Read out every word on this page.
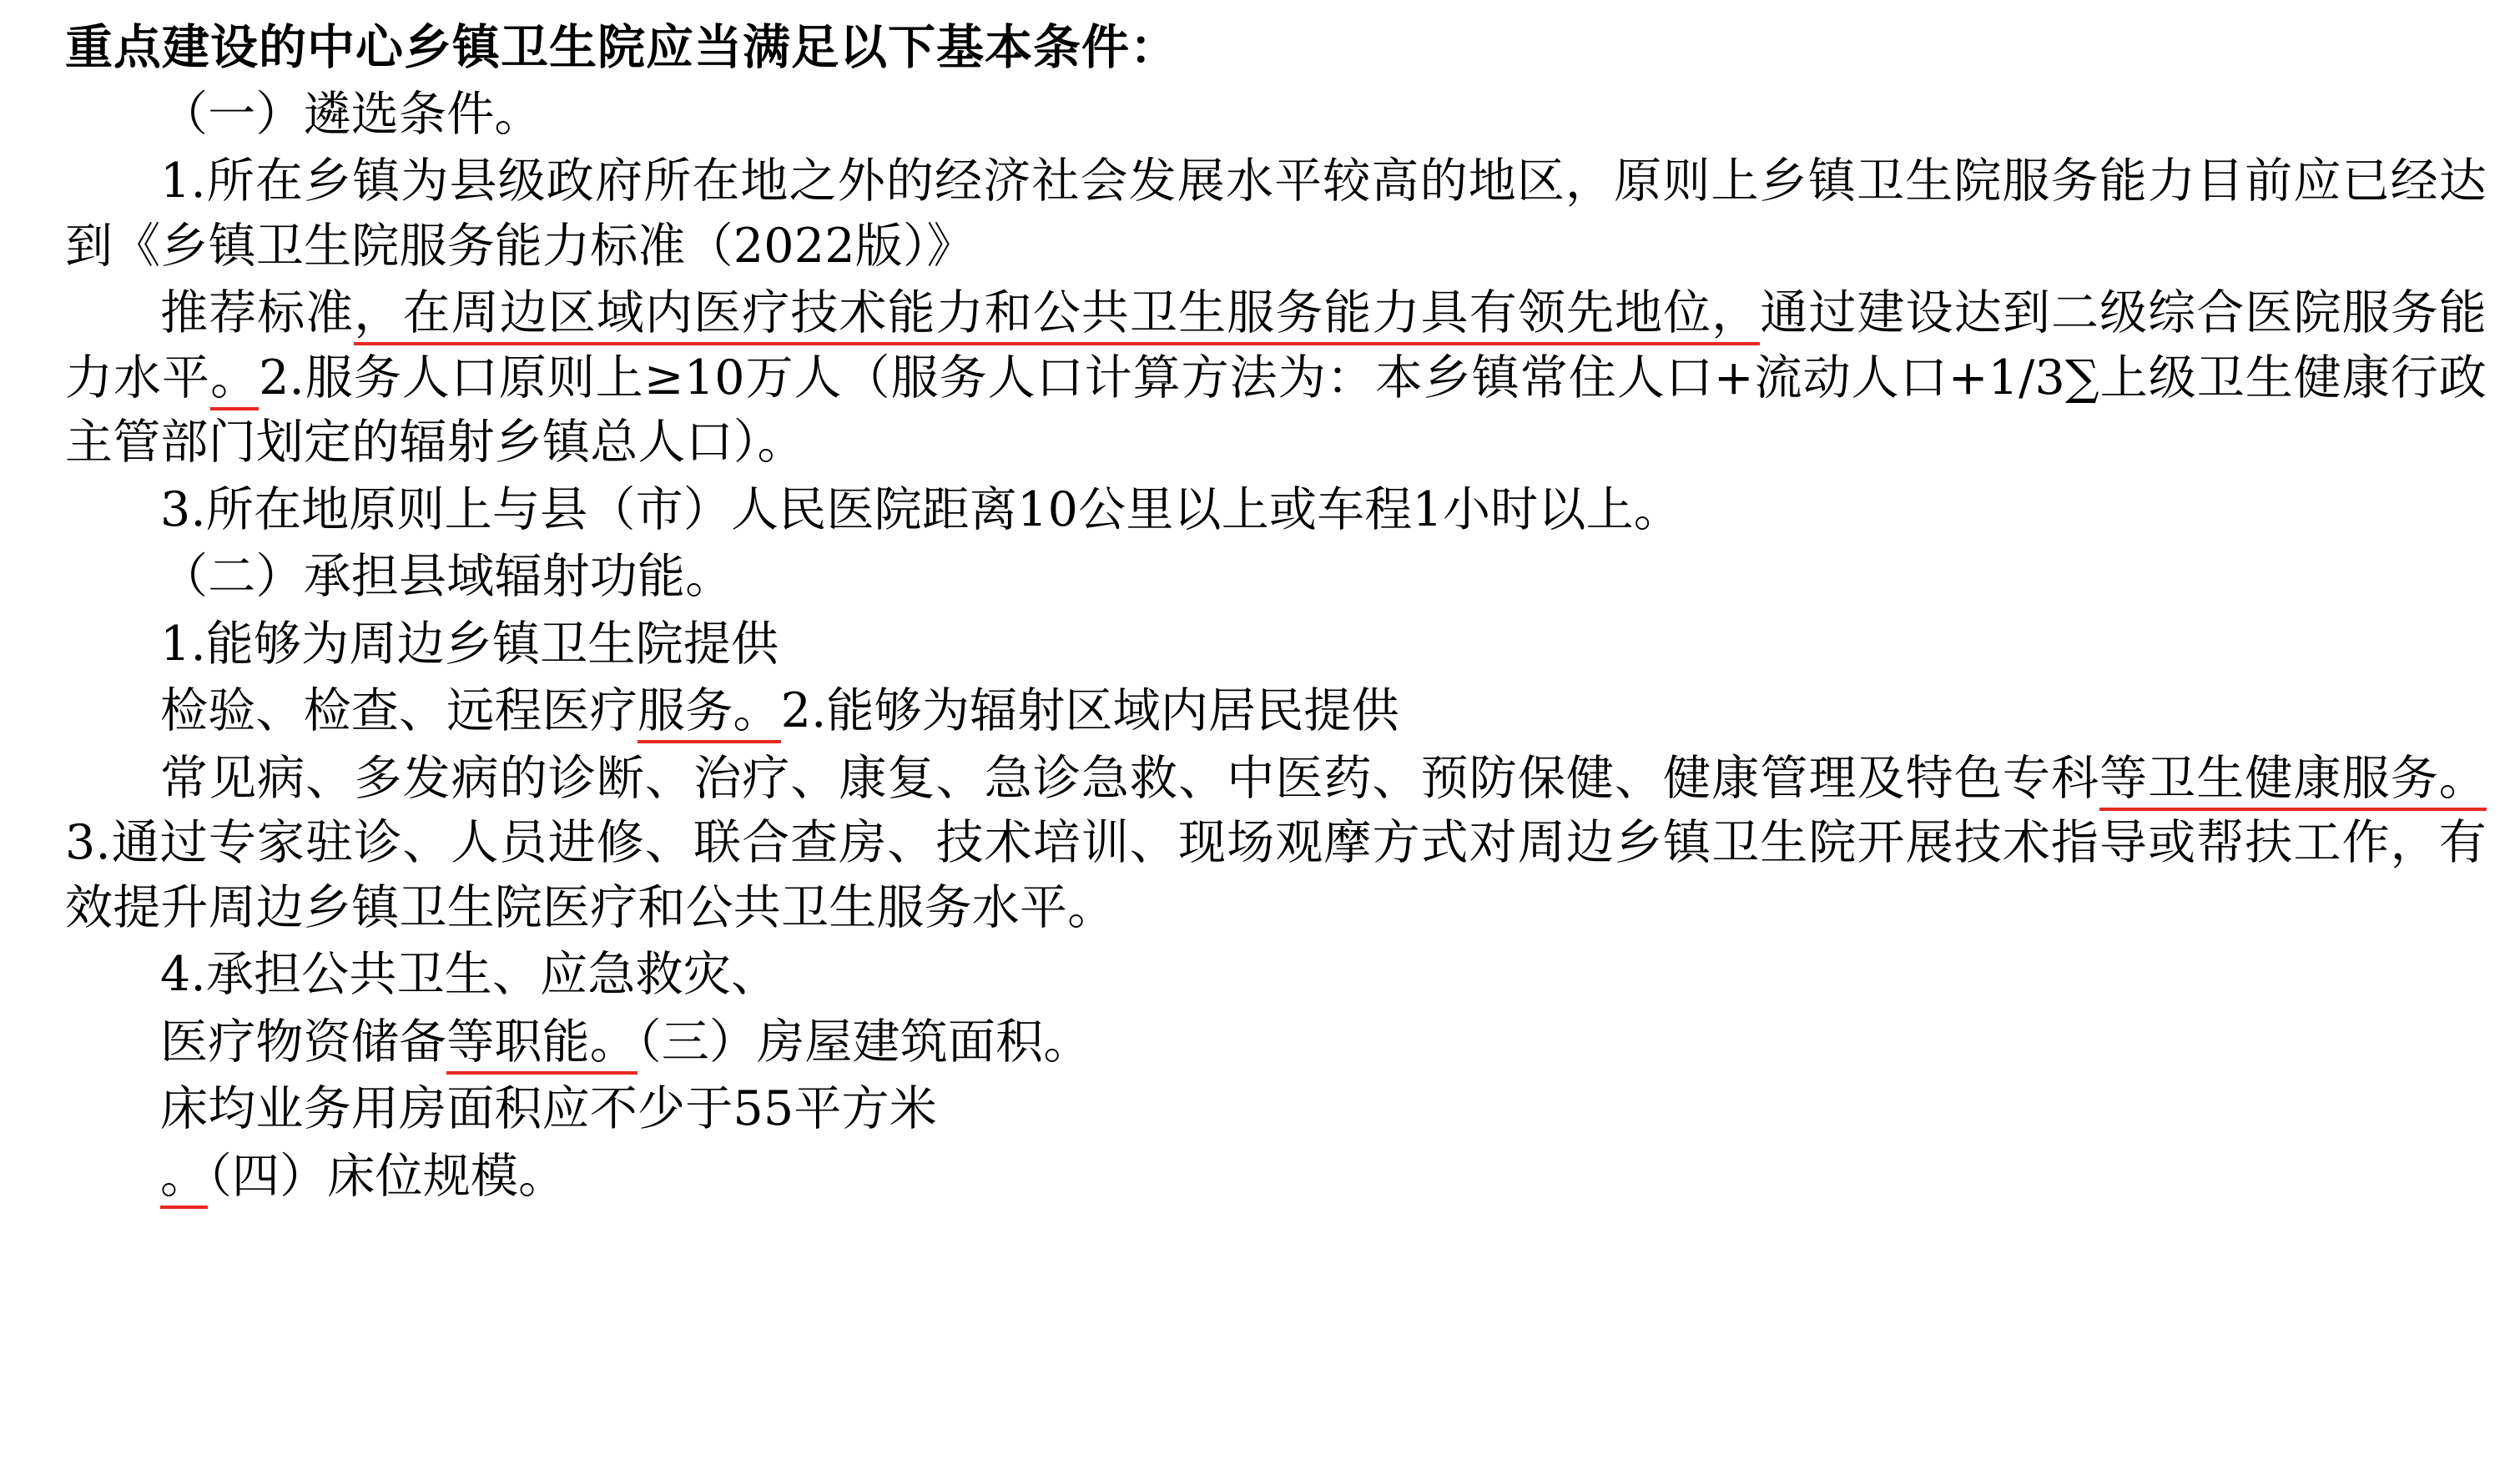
重点建设的中心乡镇卫生院应当满足以下基本条件：

（一）遴选条件。

1.所在乡镇为县级政府所在地之外的经济社会发展水平较高的地区，原则上乡镇卫生院服务能力目前应已经达到《乡镇卫生院服务能力标准（2022版）》

推荐标准，在周边区域内医疗技术能力和公共卫生服务能力具有领先地位，通过建设达到二级综合医院服务能力水平。2.服务人口原则上≥10万人（服务人口计算方法为：本乡镇常住人口+流动人口+1/3∑上级卫生健康行政主管部门划定的辐射乡镇总人口）。

3.所在地原则上与县（市）人民医院距离10公里以上或车程1小时以上。

（二）承担县域辐射功能。

1.能够为周边乡镇卫生院提供

检验、检查、远程医疗服务。2.能够为辐射区域内居民提供

常见病、多发病的诊断、治疗、康复、急诊急救、中医药、预防保健、健康管理及特色专科等卫生健康服务。3.通过专家驻诊、人员进修、联合查房、技术培训、现场观摩方式对周边乡镇卫生院开展技术指导或帮扶工作，有效提升周边乡镇卫生院医疗和公共卫生服务水平。

4.承担公共卫生、应急救灾、

医疗物资储备等职能。（三）房屋建筑面积。

床均业务用房面积应不少于55平方米

。（四）床位规模。
